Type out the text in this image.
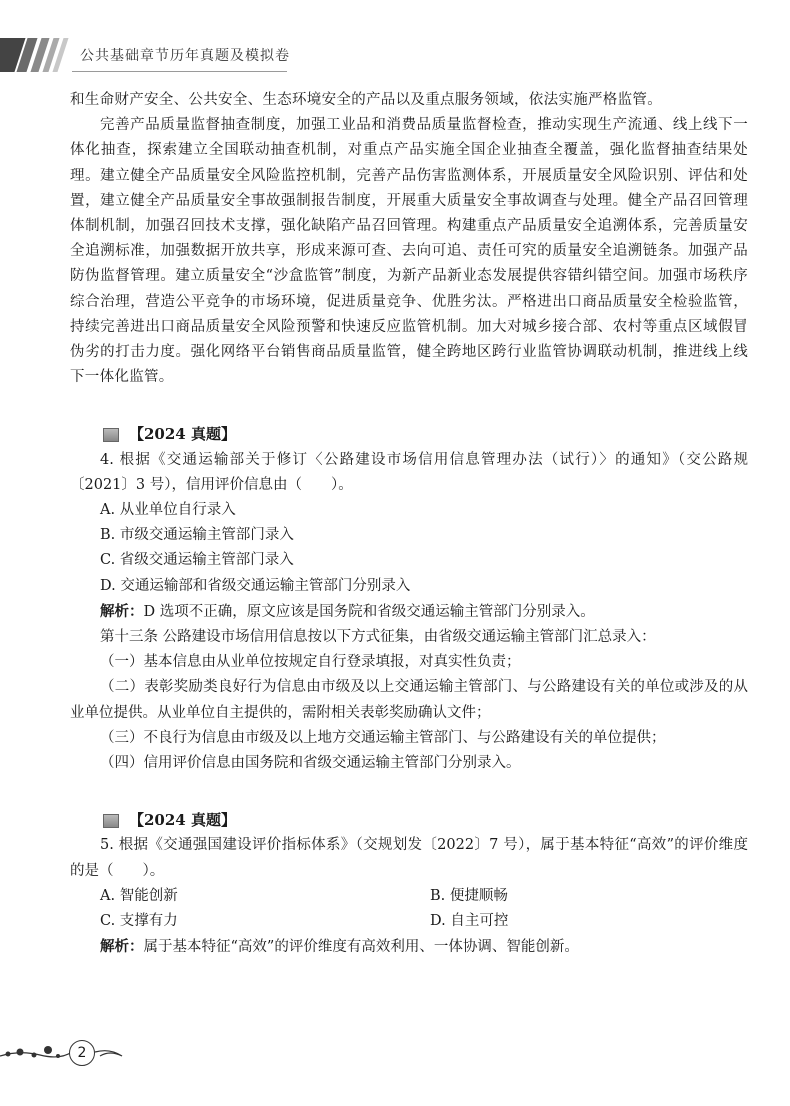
公共基础章节历年真题及模拟卷

和生命财产安全、公共安全、生态环境安全的产品以及重点服务领域，依法实施严格监管。

完善产品质量监督抽查制度，加强工业品和消费品质量监督检查，推动实现生产流通、线上线下一体化抽查，探索建立全国联动抽查机制，对重点产品实施全国企业抽查全覆盖，强化监督抽查结果处理。建立健全产品质量安全风险监控机制，完善产品伤害监测体系，开展质量安全风险识别、评估和处置，建立健全产品质量安全事故强制报告制度，开展重大质量安全事故调查与处理。健全产品召回管理体制机制，加强召回技术支撑，强化缺陷产品召回管理。构建重点产品质量安全追溯体系，完善质量安全追溯标准，加强数据开放共享，形成来源可查、去向可追、责任可究的质量安全追溯链条。加强产品防伪监督管理。建立质量安全“沙盒监管”制度，为新产品新业态发展提供容错纠错空间。加强市场秩序综合治理，营造公平竞争的市场环境，促进质量竞争、优胜劣汰。严格进出口商品质量安全检验监管，持续完善进出口商品质量安全风险预警和快速反应监管机制。加大对城乡接合部、农村等重点区域假冒伪劣的打击力度。强化网络平台销售商品质量监管，健全跨地区跨行业监管协调联动机制，推进线上线下一体化监管。

【2024 真题】

4. 根据《交通运输部关于修订〈公路建设市场信用信息管理办法（试行）〉的通知》（交公路规〔2021〕3 号），信用评价信息由（　　）。

A. 从业单位自行录入

B. 市级交通运输主管部门录入

C. 省级交通运输主管部门录入

D. 交通运输部和省级交通运输主管部门分别录入

解析：D 选项不正确，原文应该是国务院和省级交通运输主管部门分别录入。

第十三条 公路建设市场信用信息按以下方式征集，由省级交通运输主管部门汇总录入：

（一）基本信息由从业单位按规定自行登录填报，对真实性负责；

（二）表彰奖励类良好行为信息由市级及以上交通运输主管部门、与公路建设有关的单位或涉及的从业单位提供。从业单位自主提供的，需附相关表彰奖励确认文件；

（三）不良行为信息由市级及以上地方交通运输主管部门、与公路建设有关的单位提供；

（四）信用评价信息由国务院和省级交通运输主管部门分别录入。

【2024 真题】

5. 根据《交通强国建设评价指标体系》（交规划发〔2022〕7 号），属于基本特征“高效”的评价维度的是（　　）。

A. 智能创新	B. 便捷顺畅
C. 支撑有力	D. 自主可控

解析：属于基本特征“高效”的评价维度有高效利用、一体协调、智能创新。

2
